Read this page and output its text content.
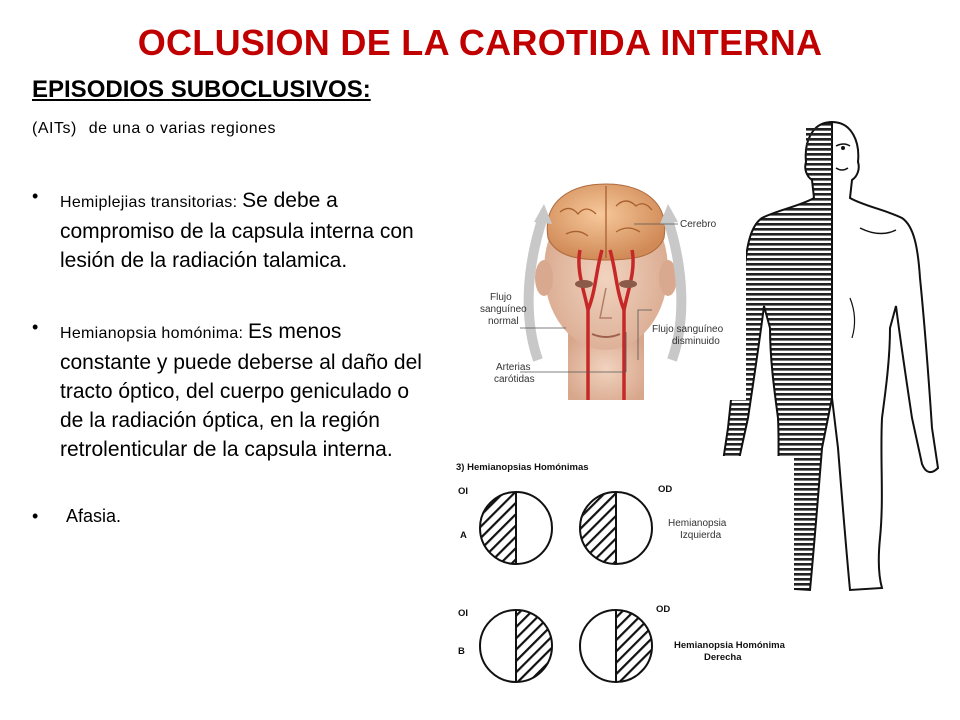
OCLUSION DE LA CAROTIDA INTERNA
EPISODIOS SUBOCLUSIVOS:
(AITs) de una o varias regiones
• Hemiplejias transitorias: Se debe a compromiso de la capsula interna con lesión de la radiación talamica.
• Hemianopsia homónima: Es menos constante y puede deberse al daño del tracto óptico, del cuerpo geniculado o de la radiación óptica, en la región retrolenticular de la capsula interna.
• Afasia.
Cerebro
Flujo
sanguíneo
normal
Flujo sanguíneo
disminuido
Arterias
carótidas
3) Hemianopsias Homónimas
OI	OD
A
Hemianopsia
Izquierda
OI	OD
B
Hemianopsia Homónima
Derecha
